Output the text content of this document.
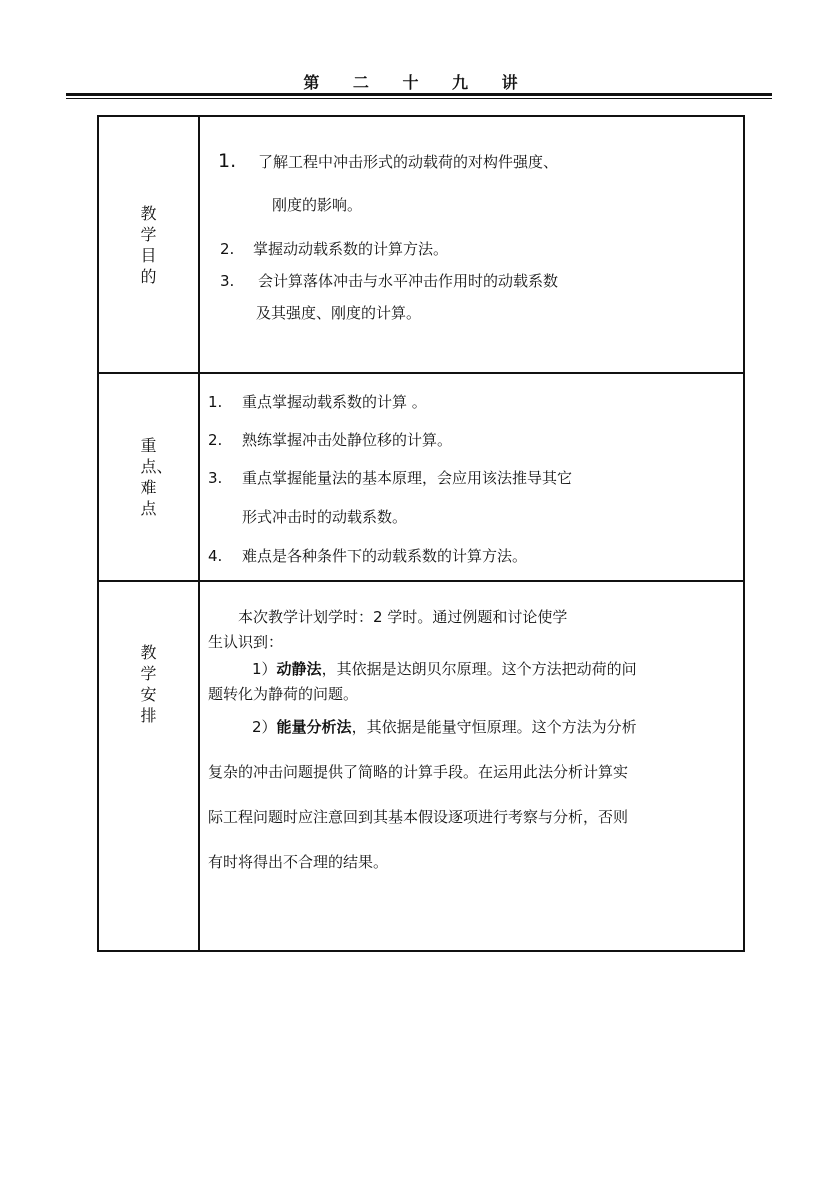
第 二 十 九 讲
教学目的
1. 了解工程中冲击形式的动载荷的对构件强度、
刚度的影响。
2. 掌握动动载系数的计算方法。
3. 会计算落体冲击与水平冲击作用时的动载系数
及其强度、刚度的计算。
重点、难点
1. 重点掌握动载系数的计算 。
2. 熟练掌握冲击处静位移的计算。
3. 重点掌握能量法的基本原理，会应用该法推导其它
形式冲击时的动载系数。
4. 难点是各种条件下的动载系数的计算方法。
教学安排
本次教学计划学时：2 学时。通过例题和讨论使学
生认识到：
1）动静法，其依据是达朗贝尔原理。这个方法把动荷的问
题转化为静荷的问题。
2）能量分析法，其依据是能量守恒原理。这个方法为分析
复杂的冲击问题提供了简略的计算手段。在运用此法分析计算实
际工程问题时应注意回到其基本假设逐项进行考察与分析，否则
有时将得出不合理的结果。
